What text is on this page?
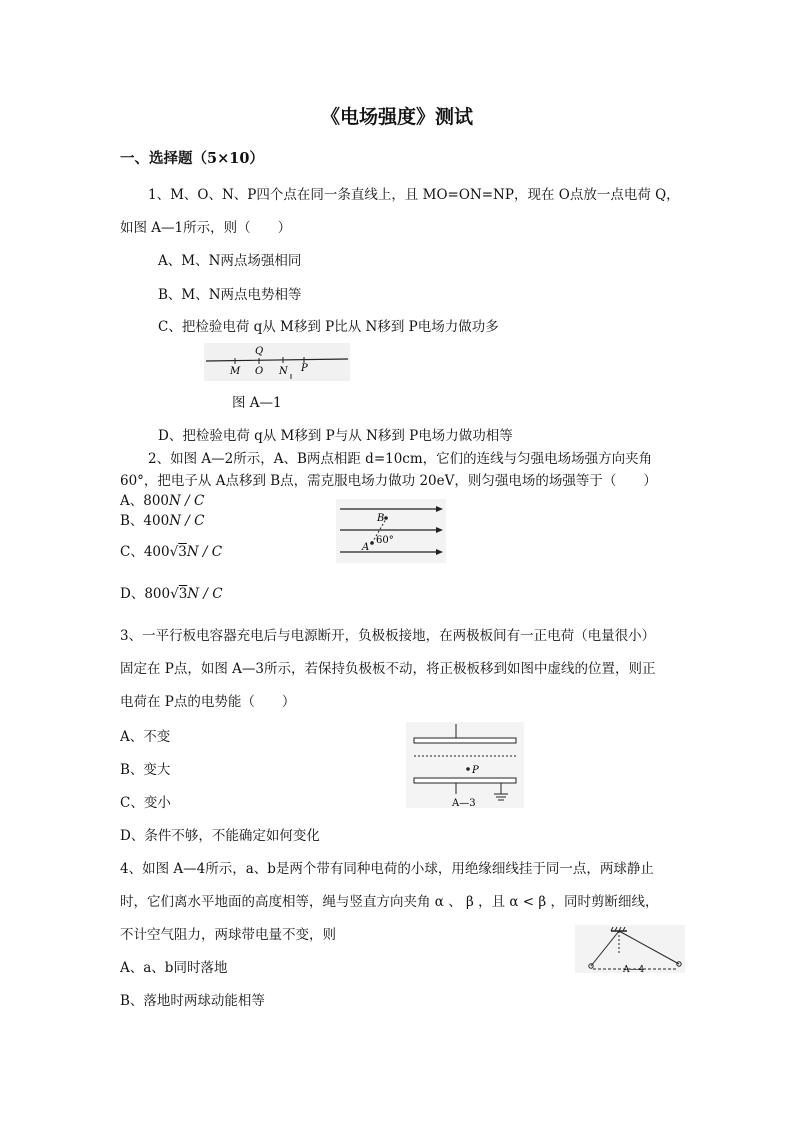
《电场强度》测试
一、选择题（5×10）
1、M、O、N、P四个点在同一条直线上，且 MO=ON=NP，现在 O点放一点电荷 Q，
如图 A—1所示，则（　　）
A、M、N两点场强相同
B、M、N两点电势相等
C、把检验电荷 q从 M移到 P比从 N移到 P电场力做功多
M O N P
Q
图 A—1
D、把检验电荷 q从 M移到 P与从 N移到 P电场力做功相等
2、如图 A—2所示，A、B两点相距 d=10cm，它们的连线与匀强电场场强方向夹角
60°，把电子从 A点移到 B点，需克服电场力做功 20eV，则匀强电场的场强等于（　　）
A、800N / C
B、400N / C
C、400√3N / C
D、800√3N / C
B
A
60°
3、一平行板电容器充电后与电源断开，负极板接地，在两极板间有一正电荷（电量很小）
固定在 P点，如图 A—3所示，若保持负极板不动，将正极板移到如图中虚线的位置，则正
电荷在 P点的电势能（　　）
A、不变
B、变大
C、变小
D、条件不够，不能确定如何变化
P
A—3
4、如图 A—4所示，a、b是两个带有同种电荷的小球，用绝缘细线挂于同一点，两球静止
时，它们离水平地面的高度相等，绳与竖直方向夹角 α 、 β ，且 α < β ，同时剪断细线，
不计空气阻力，两球带电量不变，则
A、a、b同时落地
B、落地时两球动能相等
A—4
